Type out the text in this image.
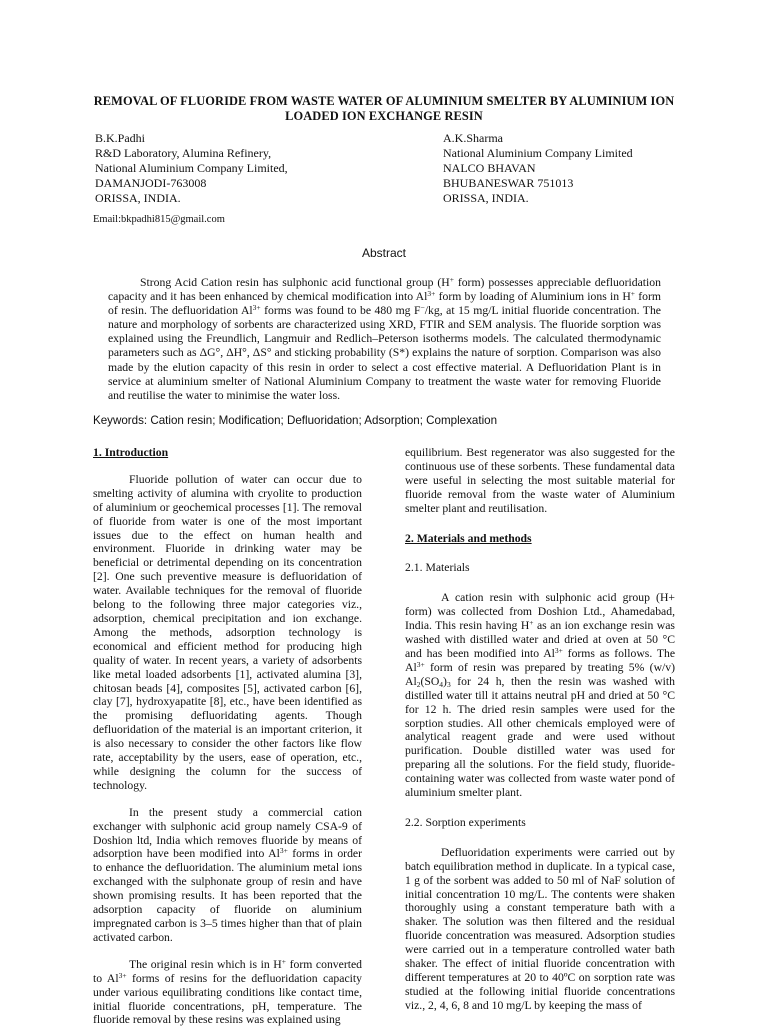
REMOVAL OF FLUORIDE FROM WASTE WATER OF ALUMINIUM SMELTER BY ALUMINIUM ION LOADED ION EXCHANGE RESIN
B.K.Padhi
R&D Laboratory, Alumina Refinery,
National Aluminium Company Limited,
DAMANJODI-763008
ORISSA, INDIA.
A.K.Sharma
National Aluminium Company Limited
NALCO BHAVAN
BHUBANESWAR 751013
ORISSA, INDIA.
Email:bkpadhi815@gmail.com
Abstract

Strong Acid Cation resin has sulphonic acid functional group (H+ form) possesses appreciable defluoridation capacity and it has been enhanced by chemical modification into $Al^{3+}$ form by loading of Aluminium ions in H+ form of resin. The defluoridation $Al^{3+}$ forms was found to be 480 mg F−/kg, at 15 mg/L initial fluoride concentration. The nature and morphology of sorbents are characterized using XRD, FTIR and SEM analysis. The fluoride sorption was explained using the Freundlich, Langmuir and Redlich–Peterson isotherms models. The calculated thermodynamic parameters such as ΔG°, ΔH°, ΔS° and sticking probability (S*) explains the nature of sorption. Comparison was also made by the elution capacity of this resin in order to select a cost effective material. A Defluoridation Plant is in service at aluminium smelter of National Aluminium Company to treatment the waste water for removing Fluoride and reutilise the water to minimise the water loss.

Keywords: Cation resin; Modification; Defluoridation; Adsorption; Complexation

1. Introduction

Fluoride pollution of water can occur due to smelting activity of alumina with cryolite to production of aluminium or geochemical processes [1]. The removal of fluoride from water is one of the most important issues due to the effect on human health and environment. Fluoride in drinking water may be beneficial or detrimental depending on its concentration [2]. One such preventive measure is defluoridation of water. Available techniques for the removal of fluoride belong to the following three major categories viz., adsorption, chemical precipitation and ion exchange. Among the methods, adsorption technology is economical and efficient method for producing high quality of water. In recent years, a variety of adsorbents like metal loaded adsorbents [1], activated alumina [3], chitosan beads [4], composites [5], activated carbon [6], clay [7], hydroxyapatite [8], etc., have been identified as the promising defluoridating agents. Though defluoridation of the material is an important criterion, it is also necessary to consider the other factors like flow rate, acceptability by the users, ease of operation, etc., while designing the column for the success of technology.

In the present study a commercial cation exchanger with sulphonic acid group namely CSA-9 of Doshion ltd, India which removes fluoride by means of adsorption have been modified into $Al^{3+}$ forms in order to enhance the defluoridation. The aluminium metal ions exchanged with the sulphonate group of resin and have shown promising results. It has been reported that the adsorption capacity of fluoride on aluminium impregnated carbon is 3–5 times higher than that of plain activated carbon.

The original resin which is in H+ form converted to $Al^{3+}$ forms of resins for the defluoridation capacity under various equilibrating conditions like contact time, initial fluoride concentrations, pH, temperature. The fluoride removal by these resins was explained using

equilibrium. Best regenerator was also suggested for the continuous use of these sorbents. These fundamental data were useful in selecting the most suitable material for fluoride removal from the waste water of Aluminium smelter plant and reutilisation.

2. Materials and methods

2.1. Materials

A cation resin with sulphonic acid group (H+ form) was collected from Doshion Ltd., Ahamedabad, India. This resin having H+ as an ion exchange resin was washed with distilled water and dried at oven at 50 °C and has been modified into $Al^{3+}$ forms as follows. The $Al^{3+}$ form of resin was prepared by treating 5% (w/v) $Al_2(SO_4)_3$ for 24 h, then the resin was washed with distilled water till it attains neutral pH and dried at 50 °C for 12 h. The dried resin samples were used for the sorption studies. All other chemicals employed were of analytical reagent grade and were used without purification. Double distilled water was used for preparing all the solutions. For the field study, fluoride-containing water was collected from waste water pond of aluminium smelter plant.

2.2. Sorption experiments

Defluoridation experiments were carried out by batch equilibration method in duplicate. In a typical case, 1 g of the sorbent was added to 50 ml of NaF solution of initial concentration 10 mg/L. The contents were shaken thoroughly using a constant temperature bath with a shaker. The solution was then filtered and the residual fluoride concentration was measured. Adsorption studies were carried out in a temperature controlled water bath shaker. The effect of initial fluoride concentration with different temperatures at 20 to 40ºC on sorption rate was studied at the following initial fluoride concentrations viz., 2, 4, 6, 8 and 10 mg/L by keeping the mass of
